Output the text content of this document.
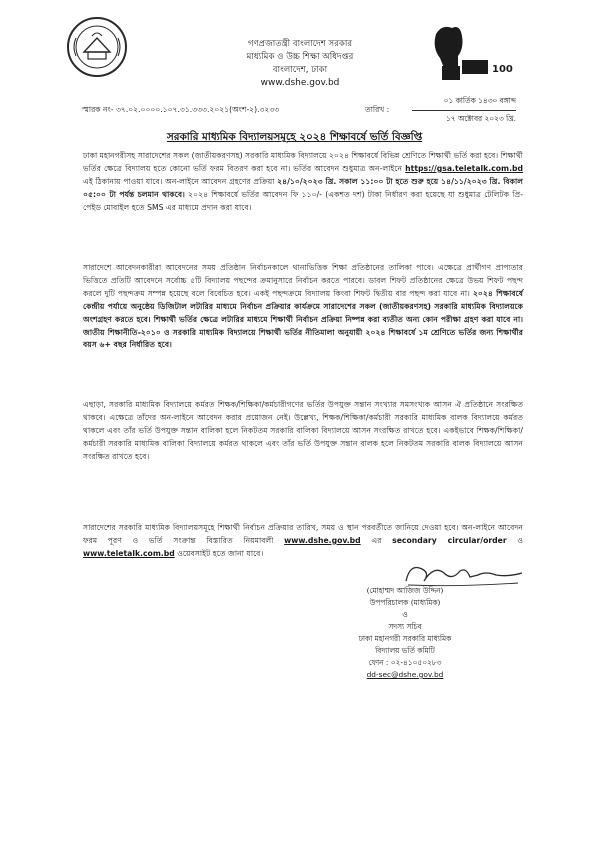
গণপ্রজাতন্ত্রী বাংলাদেশ সরকার
মাধ্যমিক ও উচ্চ শিক্ষা অধিদপ্তর
বাংলাদেশ, ঢাকা
www.dshe.gov.bd
100
স্মারক নং- ৩৭.০২.০০০০.১০৭.৩১.৩৩৩.২০২১(অংশ-২).৩২৩৩	তারিখ :
০১ কার্তিক ১৪৩০ বঙ্গাব্দ
১৭ অক্টোবর ২০২৩ খ্রি.
সরকারি মাধ্যমিক বিদ্যালয়সমূহে ২০২৪ শিক্ষাবর্ষে ভর্তি বিজ্ঞপ্তি
ঢাকা মহানগরীসহ সারাদেশের সকল (জাতীয়করণসহ) সরকারি মাধ্যমিক বিদ্যালয়ে ২০২৪ শিক্ষাবর্ষে বিভিন্ন শ্রেণিতে শিক্ষার্থী ভর্তি করা হবে। শিক্ষার্থী ভর্তির ক্ষেত্রে বিদ্যালয় হতে কোনো ভর্তি ফরম বিতরণ করা হবে না। ভর্তির আবেদন শুধুমাত্র অন-লাইনে https://gsa.teletalk.com.bd এই ঠিকানায় পাওয়া যাবে। অন-লাইনে আবেদন গ্রহণের প্রক্রিয়া ২৪/১০/২০২৩ খ্রি. সকাল ১১:০০ টা হতে শুরু হয়ে ১৪/১১/২০২৩ খ্রি. বিকাল ০৫:০০ টা পর্যন্ত চলমান থাকবে। ২০২৪ শিক্ষাবর্ষে ভর্তির আবেদন ফি ১১০/- (একশত দশ) টাকা নির্ধারণ করা হয়েছে যা শুধুমাত্র টেলিটক প্রি-পেইড মোবাইল হতে SMS এর মাধ্যমে প্রদান করা যাবে।
সারাদেশে আবেদনকারীরা আবেদনের সময় প্রতিষ্ঠান নির্বাচনকালে থানাভিত্তিক শিক্ষা প্রতিষ্ঠানের তালিকা পাবে। এক্ষেত্রে প্রার্থীগণ প্রাপ্যতার ভিত্তিতে প্রতিটি আবেদনে সর্বোচ্চ ৫টি বিদ্যালয় পছন্দের ক্রমানুসারে নির্বাচন করতে পারবে। ডাবল শিফট প্রতিষ্ঠানের ক্ষেত্রে উভয় শিফট পছন্দ করলে দুটি পছন্দক্রম সম্পন্ন হয়েছে বলে বিবেচিত হবে। একই পছন্দক্রমে বিদ্যালয় কিংবা শিফট দ্বিতীয় বার পছন্দ করা যাবে না। ২০২৪ শিক্ষাবর্ষে কেন্দ্রীয় পর্যায়ে অনুষ্ঠেয় ডিজিটাল লটারির মাধ্যমে নির্বাচন প্রক্রিয়ার কার্যক্রমে সারাদেশের সকল (জাতীয়করণসহ) সরকারি মাধ্যমিক বিদ্যালয়কে অংশগ্রহণ করতে হবে। শিক্ষার্থী ভর্তির ক্ষেত্রে লটারির মাধ্যমে শিক্ষার্থী নির্বাচন প্রক্রিয়া নিষ্পন্ন করা ব্যতীত অন্য কোন পরীক্ষা গ্রহণ করা যাবে না। জাতীয় শিক্ষানীতি-২০১০ ও সরকারি মাধ্যমিক বিদ্যালয়ে শিক্ষার্থী ভর্তির নীতিমালা অনুযায়ী ২০২৪ শিক্ষাবর্ষে ১ম শ্রেণিতে ভর্তির জন্য শিক্ষার্থীর বয়স ৬+ বছর নির্ধারিত হবে।
এছাড়া, সরকারি মাধ্যমিক বিদ্যালয়ে কর্মরত শিক্ষক/শিক্ষিকা/কর্মচারীগণের ভর্তির উপযুক্ত সন্তান সংখ্যার সমসংখ্যক আসন ঐ প্রতিষ্ঠানে সংরক্ষিত থাকবে। এক্ষেত্রে তাঁদের অন-লাইনে আবেদন করার প্রয়োজন নেই। উল্লেখ্য, শিক্ষক/শিক্ষিকা/কর্মচারী সরকারি মাধ্যমিক বালক বিদ্যালয়ে কর্মরত থাকলে এবং তাঁর ভর্তি উপযুক্ত সন্তান বালিকা হলে নিকটতম সরকারি বালিকা বিদ্যালয়ে আসন সংরক্ষিত রাখতে হবে। একইভাবে শিক্ষক/শিক্ষিকা/কর্মচারী সরকারি মাধ্যমিক বালিকা বিদ্যালয়ে কর্মরত থাকলে এবং তাঁর ভর্তি উপযুক্ত সন্তান বালক হলে নিকটতম সরকারি বালক বিদ্যালয়ে আসন সংরক্ষিত রাখতে হবে।
সারাদেশের সরকারি মাধ্যমিক বিদ্যালয়সমূহে শিক্ষার্থী নির্বাচন প্রক্রিয়ার তারিখ, সময় ও স্থান পরবর্তীতে জানিয়ে দেওয়া হবে। অন-লাইনে আবেদন ফরম পূরণ ও ভর্তি সংক্রান্ত বিস্তারিত নিয়মাবলী www.dshe.gov.bd এর secondary circular/order ও www.teletalk.com.bd ওয়েবসাইট হতে জানা যাবে।
(মোহাম্মদ আজিজ উদ্দিন)
উপপরিচালক (মাধ্যমিক)
ও
সদস্য সচিব
ঢাকা মহানগরী সরকারি মাধ্যমিক
বিদ্যালয় ভর্তি কমিটি
ফোন : ০২-৪১০৫০২৮৩
dd-sec@dshe.gov.bd
